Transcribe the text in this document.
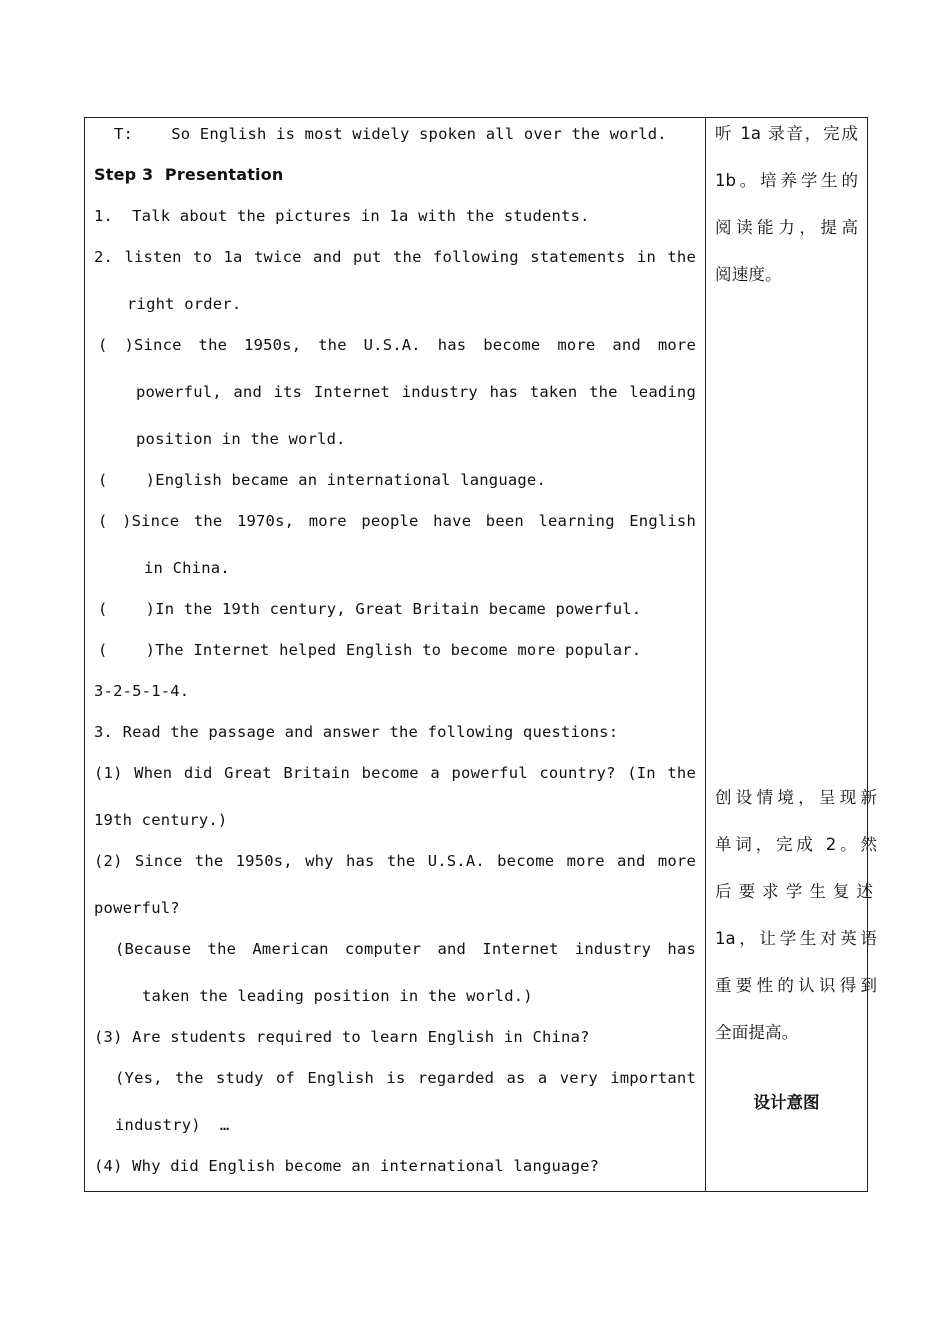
T:    So English is most widely spoken all over the world.
Step 3  Presentation
1.  Talk about the pictures in 1a with the students.
2. listen to 1a twice and put the following statements in the
right order.
( )Since the 1950s, the U.S.A. has become more and more
powerful, and its Internet industry has taken the leading
position in the world.
(    )English became an international language.
( )Since the 1970s, more people have been learning English
in China.
(    )In the 19th century, Great Britain became powerful.
(    )The Internet helped English to become more popular.
3-2-5-1-4.
3. Read the passage and answer the following questions:
(1) When did Great Britain become a powerful country? (In the
19th century.)
(2) Since the 1950s, why has the U.S.A. become more and more
powerful?
(Because the American computer and Internet industry has
taken the leading position in the world.)
(3) Are students required to learn English in China?
(Yes, the study of English is regarded as a very important
industry)  …
(4) Why did English become an international language?
听 1a 录音，完成
1b。培养学生的
阅读能力，提高
阅速度。
创设情境，呈现新
单词，完成 2。然
后要求学生复述
1a，让学生对英语
重要性的认识得到
全面提高。
设计意图
